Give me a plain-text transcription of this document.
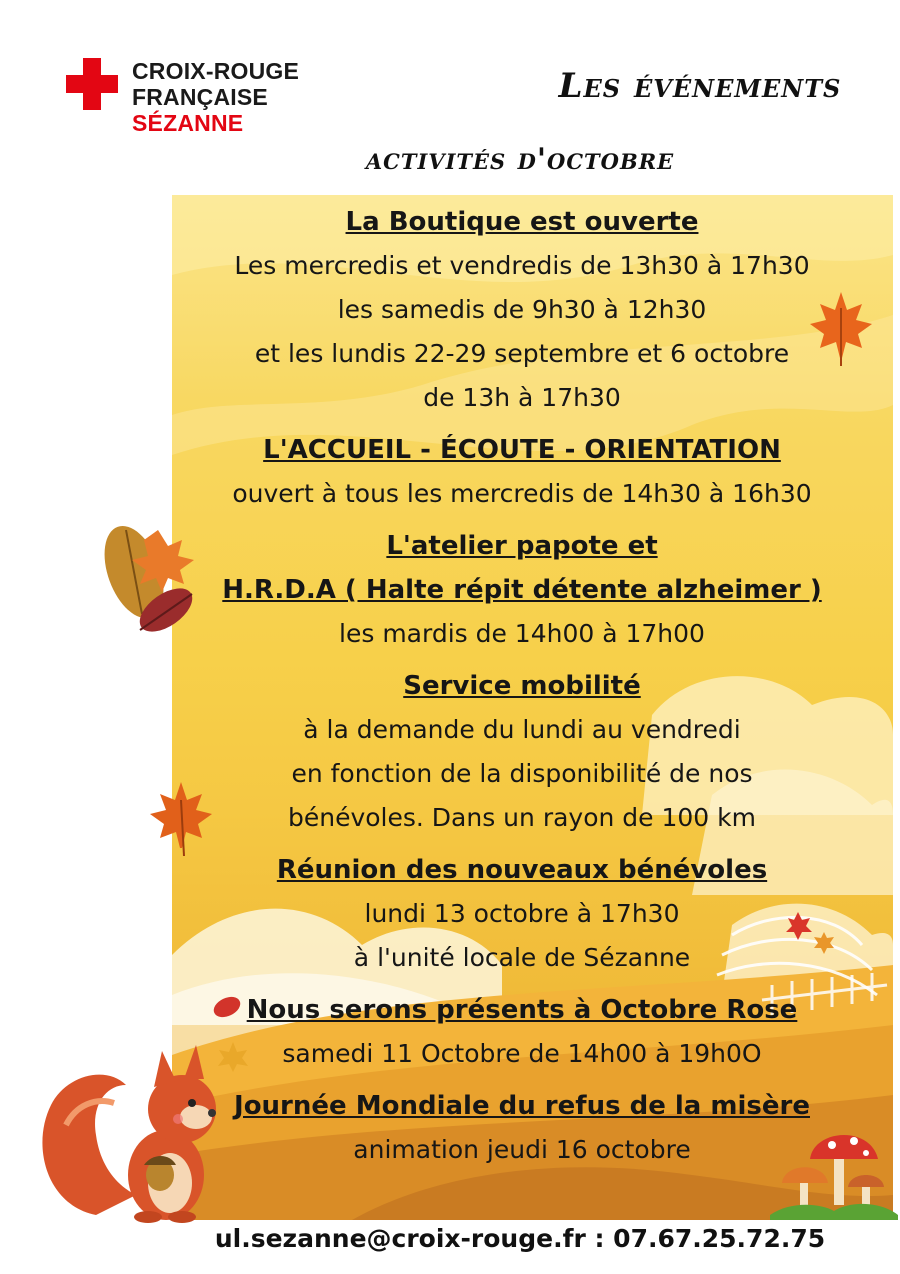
CROIX-ROUGE
FRANÇAISE
SÉZANNE
Les événements
activités d'octobre
La Boutique est ouverte
Les mercredis et vendredis de 13h30 à 17h30
les samedis de 9h30 à 12h30
et les lundis 22-29 septembre et 6 octobre
de 13h à 17h30
L'ACCUEIL - ÉCOUTE - ORIENTATION
ouvert à tous les mercredis de 14h30 à 16h30
L'atelier papote et
H.R.D.A ( Halte répit détente alzheimer )
les mardis de 14h00 à 17h00
Service mobilité
à la demande du lundi au vendredi
en fonction de la disponibilité de nos
bénévoles. Dans un rayon de 100 km
Réunion des nouveaux bénévoles
lundi 13 octobre à 17h30
à l'unité locale de Sézanne
Nous serons présents à Octobre Rose
samedi 11 Octobre de 14h00 à 19h0O
Journée Mondiale du refus de la misère
animation jeudi 16 octobre
ul.sezanne@croix-rouge.fr : 07.67.25.72.75
